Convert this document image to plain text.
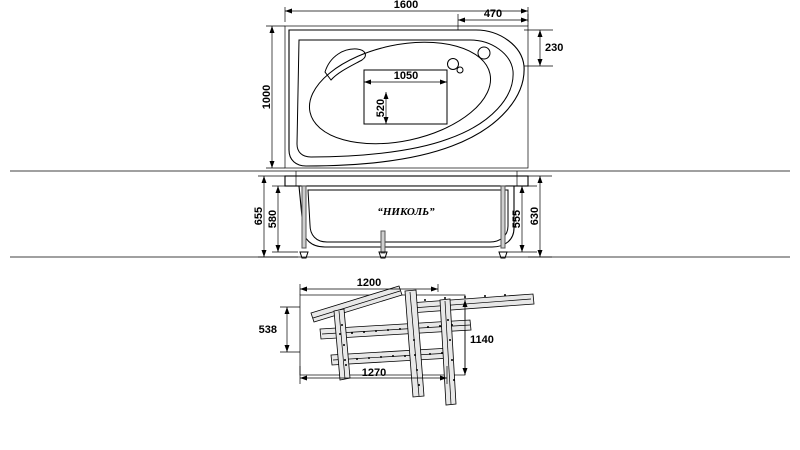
1600
470
230
1000
1050
520
“НИКОЛЬ”
655 580	555 630
1200
538
1140
1270
